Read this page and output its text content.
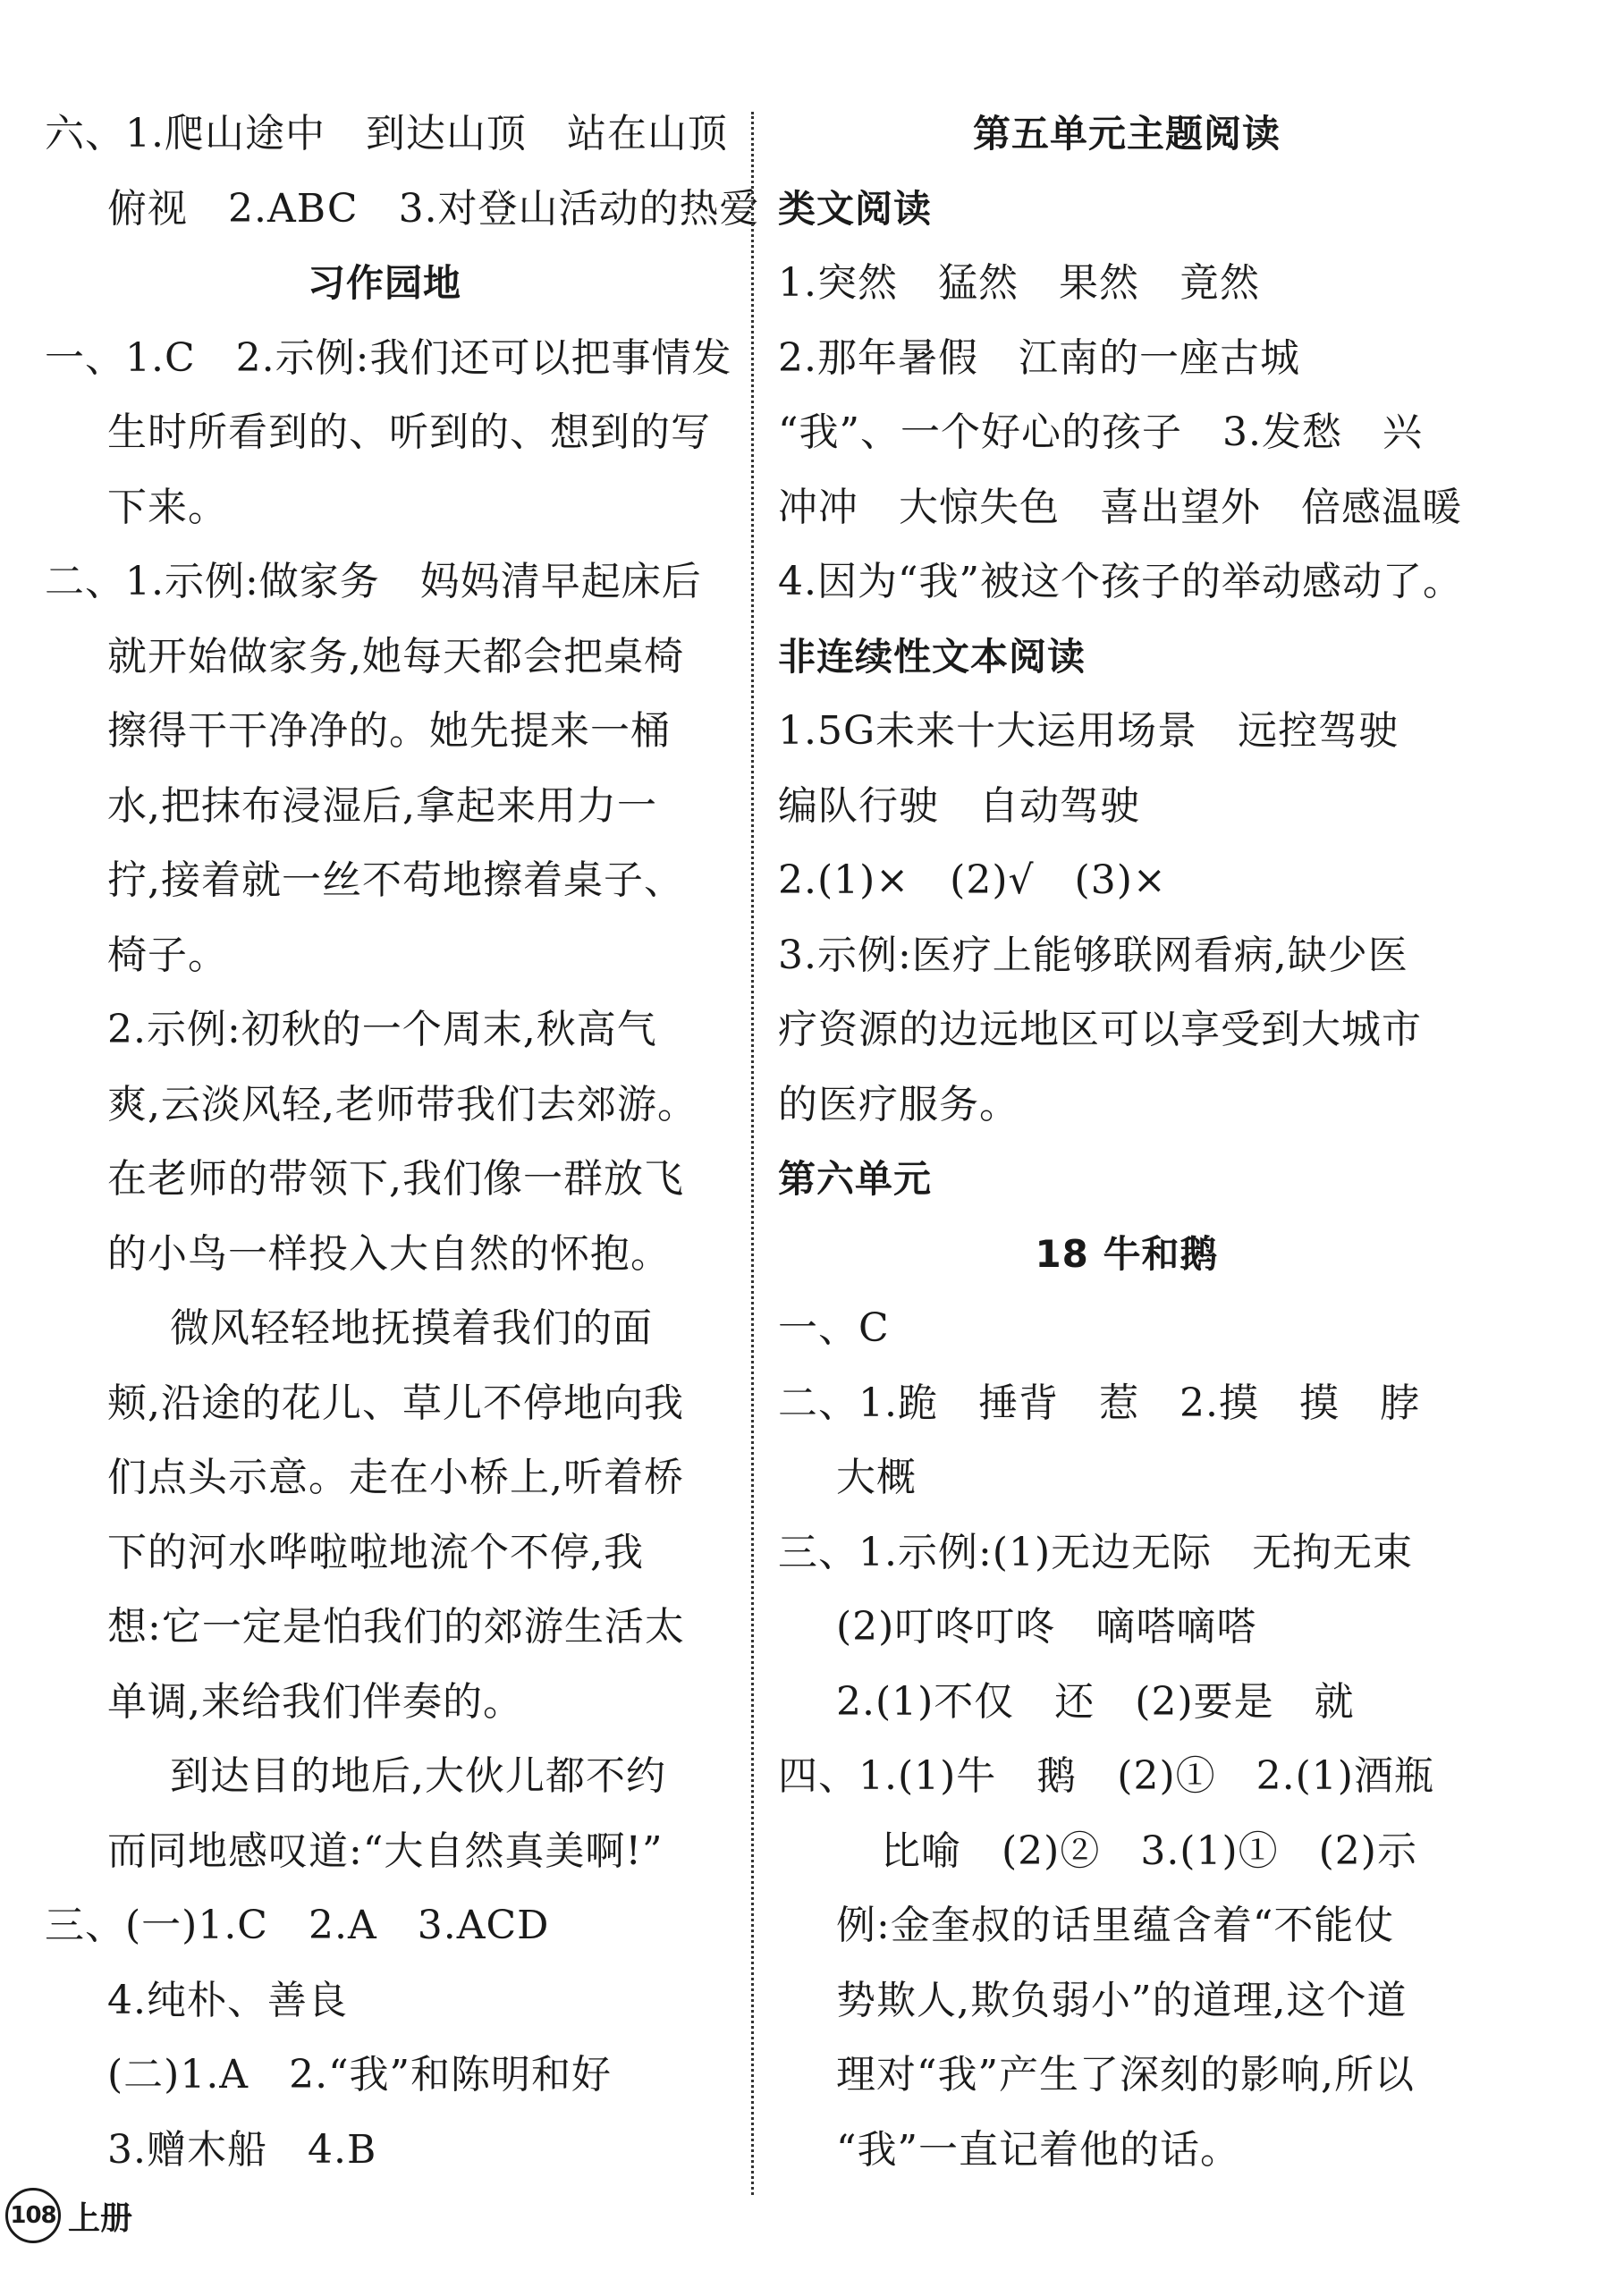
六、1.爬山途中　到达山顶　站在山顶
俯视　2.ABC　3.对登山活动的热爱
习作园地
一、1.C　2.示例:我们还可以把事情发
生时所看到的、听到的、想到的写
下来。
二、1.示例:做家务　妈妈清早起床后
就开始做家务,她每天都会把桌椅
擦得干干净净的。她先提来一桶
水,把抹布浸湿后,拿起来用力一
拧,接着就一丝不苟地擦着桌子、
椅子。
2.示例:初秋的一个周末,秋高气
爽,云淡风轻,老师带我们去郊游。
在老师的带领下,我们像一群放飞
的小鸟一样投入大自然的怀抱。
微风轻轻地抚摸着我们的面
颊,沿途的花儿、草儿不停地向我
们点头示意。走在小桥上,听着桥
下的河水哗啦啦地流个不停,我
想:它一定是怕我们的郊游生活太
单调,来给我们伴奏的。
到达目的地后,大伙儿都不约
而同地感叹道:“大自然真美啊!”
三、(一)1.C　2.A　3.ACD
4.纯朴、善良
(二)1.A　2.“我”和陈明和好
3.赠木船　4.B
第五单元主题阅读
类文阅读
1.突然　猛然　果然　竟然
2.那年暑假　江南的一座古城
“我”、一个好心的孩子　3.发愁　兴
冲冲　大惊失色　喜出望外　倍感温暖
4.因为“我”被这个孩子的举动感动了。
非连续性文本阅读
1.5G未来十大运用场景　远控驾驶
编队行驶　自动驾驶
2.(1)×　(2)√　(3)×
3.示例:医疗上能够联网看病,缺少医
疗资源的边远地区可以享受到大城市
的医疗服务。
第六单元
18 牛和鹅
一、C
二、1.跪　捶背　惹　2.摸　摸　脖
大概
三、1.示例:(1)无边无际　无拘无束
(2)叮咚叮咚　嘀嗒嘀嗒
2.(1)不仅　还　(2)要是　就
四、1.(1)牛　鹅　(2)①　2.(1)酒瓶
比喻　(2)②　3.(1)①　(2)示
例:金奎叔的话里蕴含着“不能仗
势欺人,欺负弱小”的道理,这个道
理对“我”产生了深刻的影响,所以
“我”一直记着他的话。
108 上册
